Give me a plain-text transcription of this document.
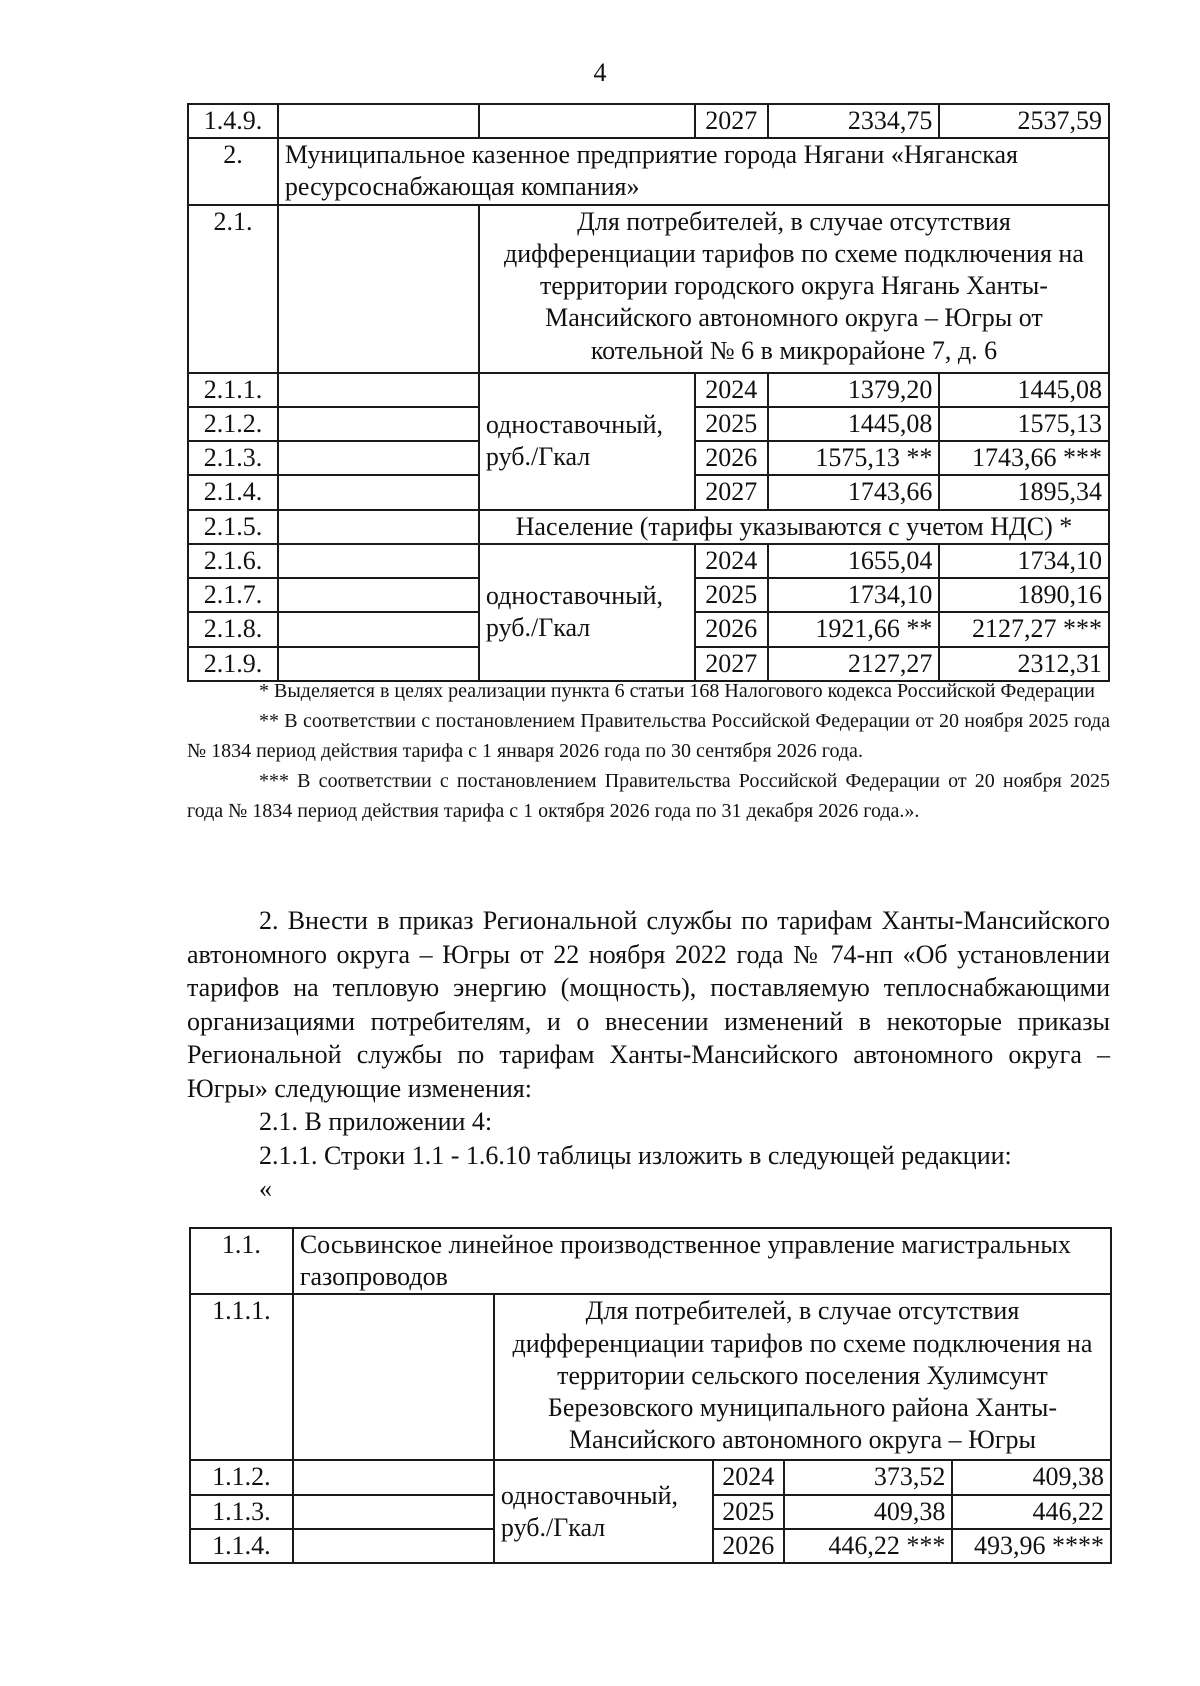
4
1.4.9.			2027	2334,75	2537,59
2.	Муниципальное казенное предприятие города Нягани «Няганская ресурсоснабжающая компания»				
2.1.		Для потребителей, в случае отсутствия дифференциации тарифов по схеме подключения на территории городского округа Нягань Ханты-Мансийского автономного округа – Югры от котельной № 6 в микрорайоне 7, д. 6			
2.1.1.		одноставочный, руб./Гкал	2024	1379,20	1445,08
2.1.2.			2025	1445,08	1575,13
2.1.3.			2026	1575,13 **	1743,66 ***
2.1.4.			2027	1743,66	1895,34
2.1.5.		Население (тарифы указываются с учетом НДС) *			
2.1.6.		одноставочный, руб./Гкал	2024	1655,04	1734,10
2.1.7.			2025	1734,10	1890,16
2.1.8.			2026	1921,66 **	2127,27 ***
2.1.9.			2027	2127,27	2312,31

* Выделяется в целях реализации пункта 6 статьи 168 Налогового кодекса Российской Федерации

** В соответствии с постановлением Правительства Российской Федерации от 20 ноября 2025 года № 1834 период действия тарифа с 1 января 2026 года по 30 сентября 2026 года.

*** В соответствии с постановлением Правительства Российской Федерации от 20 ноября 2025 года № 1834 период действия тарифа с 1 октября 2026 года по 31 декабря 2026 года.».

2. Внести в приказ Региональной службы по тарифам Ханты-Мансийского автономного округа – Югры от 22 ноября 2022 года № 74-нп «Об установлении тарифов на тепловую энергию (мощность), поставляемую теплоснабжающими организациями потребителям, и о внесении изменений в некоторые приказы Региональной службы по тарифам Ханты-Мансийского автономного округа – Югры» следующие изменения:

2.1. В приложении 4:

2.1.1. Строки 1.1 - 1.6.10 таблицы изложить в следующей редакции:

«

1.1.	Сосьвинское линейное производственное управление магистральных газопроводов				
1.1.1.		Для потребителей, в случае отсутствия дифференциации тарифов по схеме подключения на территории сельского поселения Хулимсунт Березовского муниципального района Ханты-Мансийского автономного округа – Югры			
1.1.2.		одноставочный, руб./Гкал	2024	373,52	409,38
1.1.3.			2025	409,38	446,22
1.1.4.			2026	446,22 ***	493,96 ****
